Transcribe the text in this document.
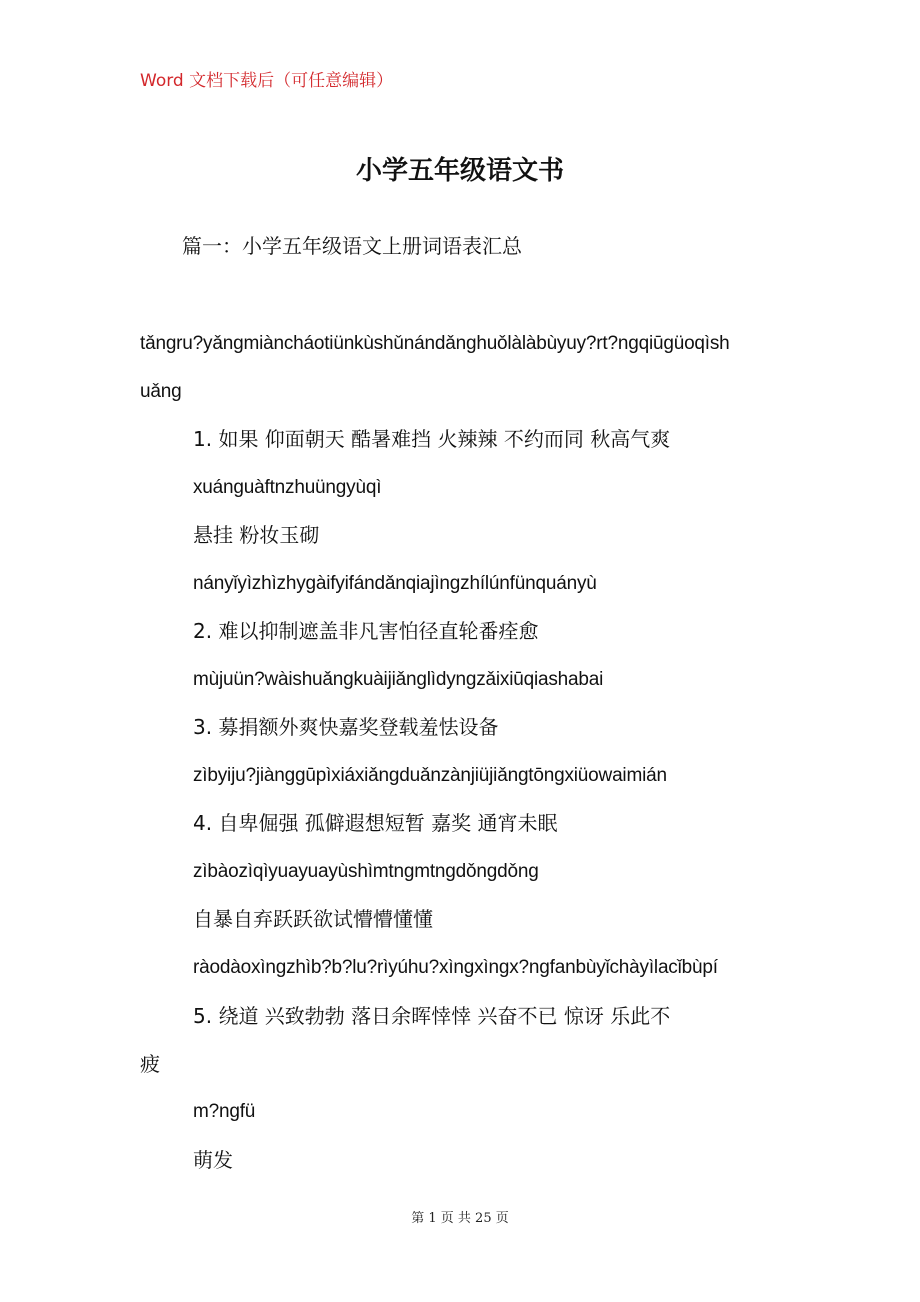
Word 文档下载后（可任意编辑）
小学五年级语文书
篇一：小学五年级语文上册词语表汇总
tǎngru?yǎngmiàncháotiünkùshǔnándǎnghuǒlàlàbùyuy?rt?ngqiūgüoqìsh
uǎng
1. 如果 仰面朝天 酷暑难挡 火辣辣 不约而同 秋高气爽
xuánguàftnzhuüngyùqì
悬挂 粉妆玉砌
nányǐyìzhìzhygàifyifándǎnqiajìngzhílúnfünquányù
2. 难以抑制遮盖非凡害怕径直轮番痊愈
mùjuün?wàishuǎngkuàijiǎnglìdyngzǎixiūqiashabai
3. 募捐额外爽快嘉奖登载羞怯设备
zìbyiju?jiànggūpìxiáxiǎngduǎnzànjiüjiǎngtōngxiüowaimián
4. 自卑倔强 孤僻遐想短暂 嘉奖 通宵未眠
zìbàozìqìyuayuayùshìmtngmtngdǒngdǒng
自暴自弃跃跃欲试懵懵懂懂
ràodàoxìngzhìb?b?lu?rìyúhu?xìngxìngx?ngfanbùyǐchàyìlacǐbùpí
5. 绕道 兴致勃勃 落日余晖悻悻 兴奋不已 惊讶 乐此不
疲
m?ngfü
萌发
第 1 页 共 25 页
